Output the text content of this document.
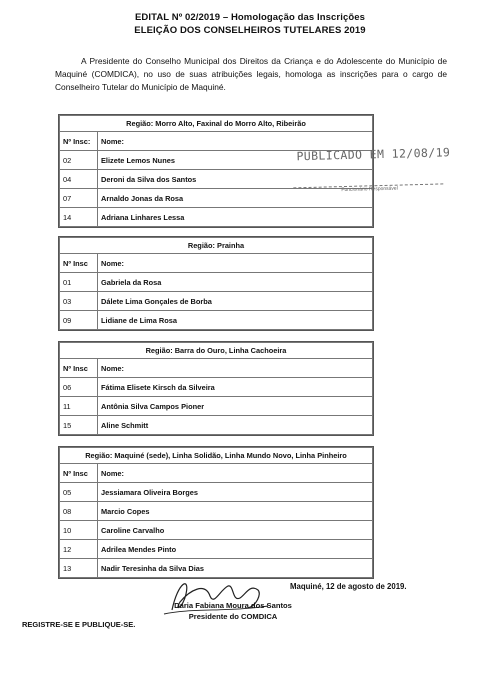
EDITAL Nº 02/2019 – Homologação das Inscrições
ELEIÇÃO DOS CONSELHEIROS TUTELARES 2019
A Presidente do Conselho Municipal dos Direitos da Criança e do Adolescente do Município de Maquiné (COMDICA), no uso de suas atribuições legais, homologa as inscrições para o cargo de Conselheiro Tutelar do Município de Maquiné.
Região: Morro Alto, Faxinal do Morro Alto, Ribeirão	
Nº Insc:	Nome:
02	Elizete Lemos Nunes
04	Deroni da Silva dos Santos
07	Arnaldo Jonas da Rosa
14	Adriana Linhares Lessa
Região: Prainha	
Nº Insc	Nome:
01	Gabriela da Rosa
03	Dálete Lima Gonçales de Borba
09	Lidiane de Lima Rosa
Região: Barra do Ouro, Linha Cachoeira	
Nº Insc	Nome:
06	Fátima Elisete Kirsch da Silveira
11	Antônia Silva Campos Pioner
15	Aline Schmitt
Região: Maquiné (sede), Linha Solidão, Linha Mundo Novo, Linha Pinheiro	
Nº Insc	Nome:
05	Jessiamara Oliveira Borges
08	Marcio Copes
10	Caroline Carvalho
12	Adrilea Mendes Pinto
13	Nadir Teresinha da Silva Dias
PUBLICADO EM 12/08/19
Funcionário Responsável
Maquiné, 12 de agosto de 2019.
Daria Fabiana Moura dos Santos
Presidente do COMDICA
REGISTRE-SE E PUBLIQUE-SE.
